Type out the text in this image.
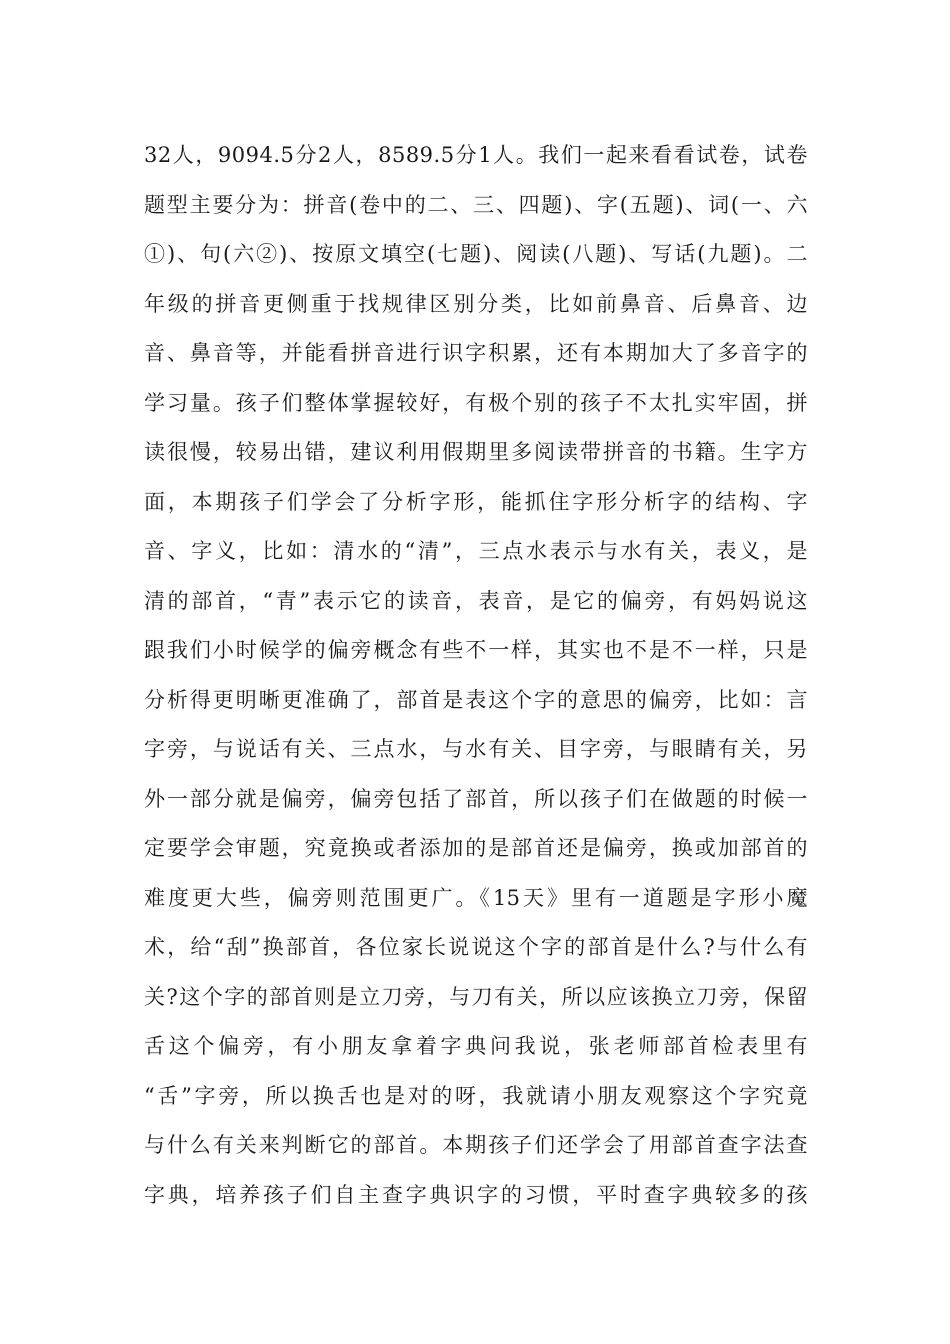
32人，9094.5分2人，8589.5分1人。我们一起来看看试卷，试卷
题型主要分为：拼音(卷中的二、三、四题)、字(五题)、词(一、六
①)、句(六②)、按原文填空(七题)、阅读(八题)、写话(九题)。二
年级的拼音更侧重于找规律区别分类，比如前鼻音、后鼻音、边
音、鼻音等，并能看拼音进行识字积累，还有本期加大了多音字的
学习量。孩子们整体掌握较好，有极个别的孩子不太扎实牢固，拼
读很慢，较易出错，建议利用假期里多阅读带拼音的书籍。生字方
面，本期孩子们学会了分析字形，能抓住字形分析字的结构、字
音、字义，比如：清水的“清”，三点水表示与水有关，表义，是
清的部首，“青”表示它的读音，表音，是它的偏旁，有妈妈说这
跟我们小时候学的偏旁概念有些不一样，其实也不是不一样，只是
分析得更明晰更准确了，部首是表这个字的意思的偏旁，比如：言
字旁，与说话有关、三点水，与水有关、目字旁，与眼睛有关，另
外一部分就是偏旁，偏旁包括了部首，所以孩子们在做题的时候一
定要学会审题，究竟换或者添加的是部首还是偏旁，换或加部首的
难度更大些，偏旁则范围更广。《15天》里有一道题是字形小魔
术，给“刮”换部首，各位家长说说这个字的部首是什么?与什么有
关?这个字的部首则是立刀旁，与刀有关，所以应该换立刀旁，保留
舌这个偏旁，有小朋友拿着字典问我说，张老师部首检表里有
“舌”字旁，所以换舌也是对的呀，我就请小朋友观察这个字究竟
与什么有关来判断它的部首。本期孩子们还学会了用部首查字法查
字典，培养孩子们自主查字典识字的习惯，平时查字典较多的孩
